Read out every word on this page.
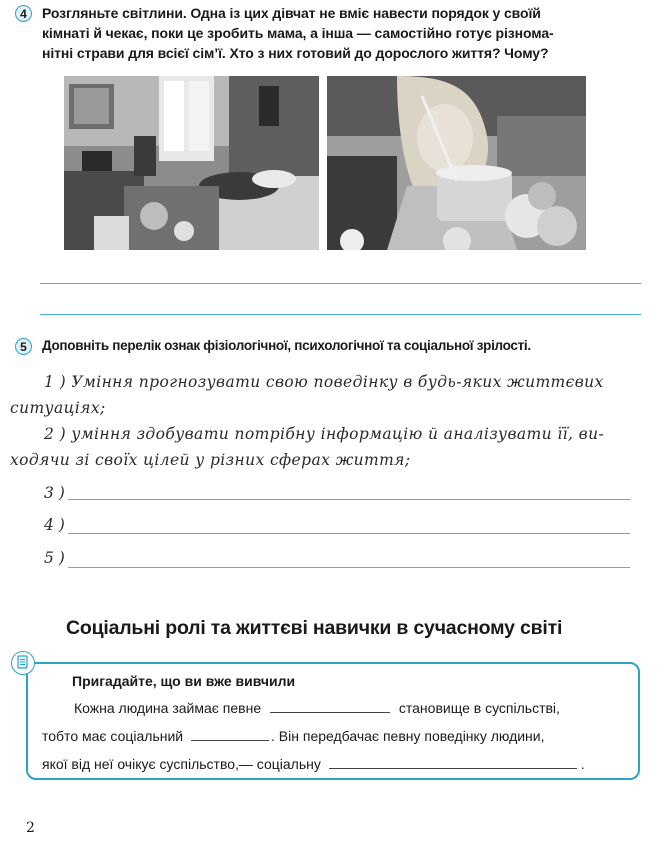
4	Розгляньте світлини. Одна із цих дівчат не вміє навести порядок у своїй
кімнаті й чекає, поки це зробить мама, а інша — самостійно готує різнома-
нітні страви для всієї сім’ї. Хто з них готовий до дорослого життя? Чому?
5	Доповніть перелік ознак фізіологічної, психологічної та соціальної зрілості.
1 ) Уміння прогнозувати свою поведінку в будь-яких життєвих
ситуаціях;
2 ) уміння здобувати потрібну інформацію й аналізувати її, ви-
ходячи зі своїх цілей у різних сферах життя;
3 )
4 )
5 )
Соціальні ролі та життєві навички в сучасному світі
Пригадайте, що ви вже вивчили
Кожна людина займає певне	становище в суспільстві,
тобто має соціальний	. Він передбачає певну поведінку людини,
якої від неї очікує суспільство,— соціальну	.
2
